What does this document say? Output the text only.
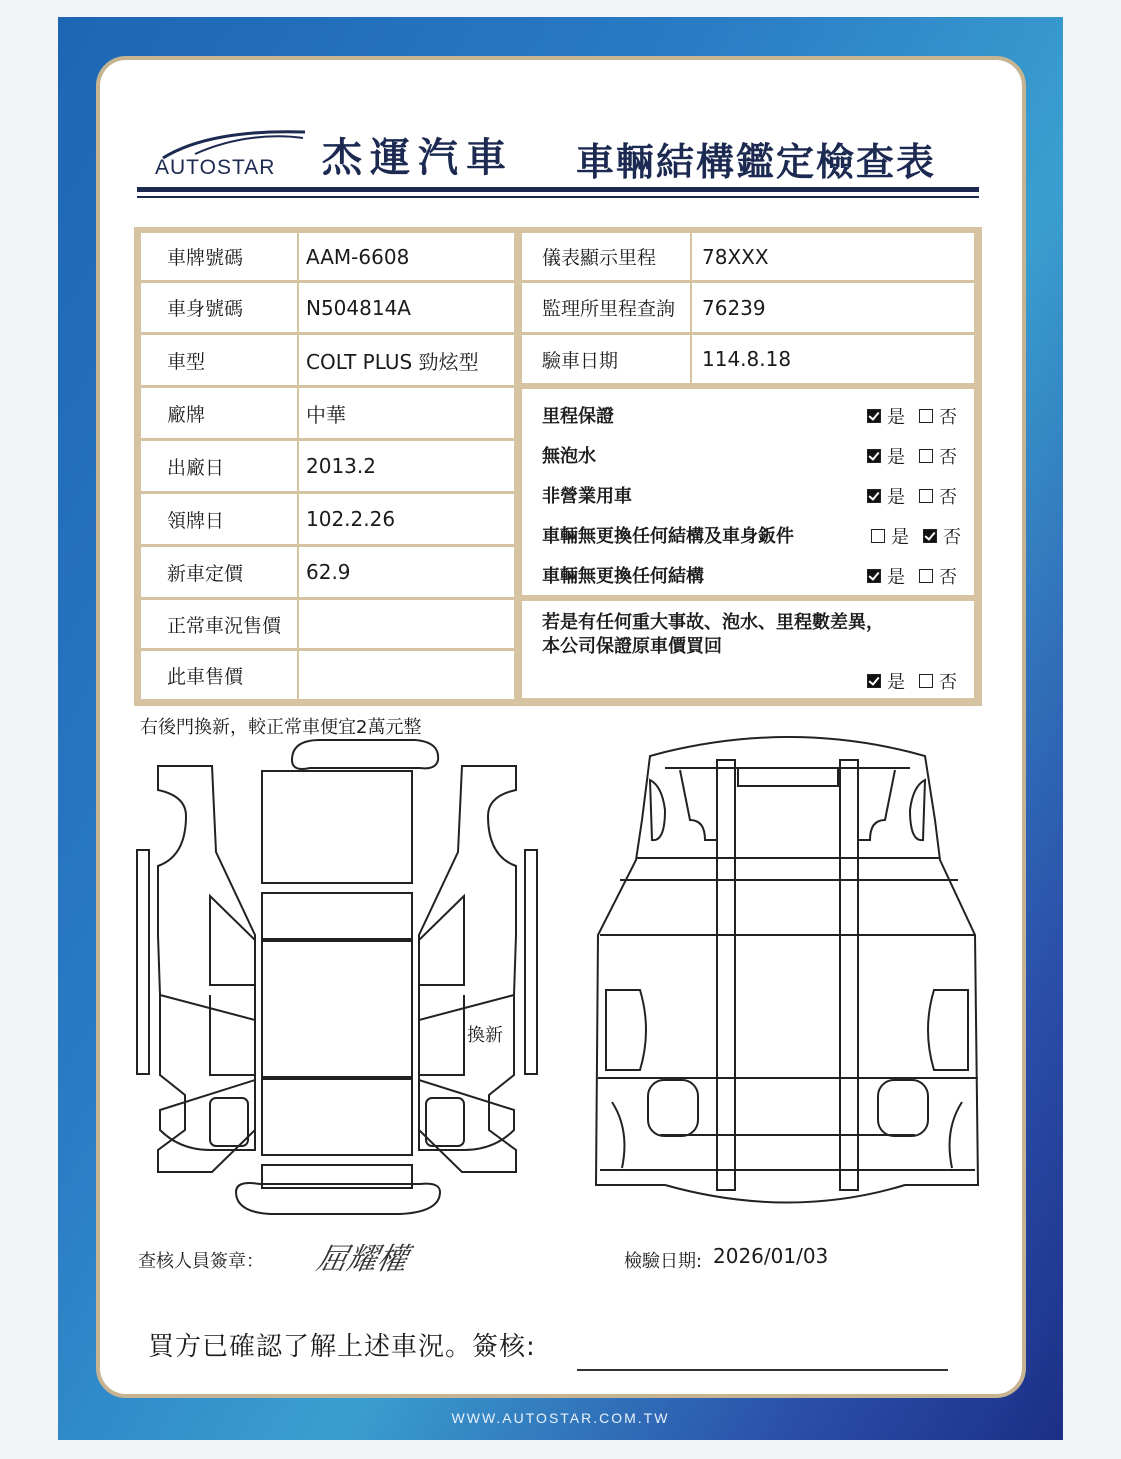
WWW.AUTOSTAR.COM.TW
AUTOSTAR 杰運汽車 車輛結構鑑定檢查表
車牌號碼	AAM-6608
車身號碼	N504814A
車型	COLT PLUS 勁炫型
廠牌	中華
出廠日	2013.2
領牌日	102.2.26
新車定價	62.9
正常車況售價
此車售價
儀表顯示里程	78XXX
監理所里程查詢	76239
驗車日期	114.8.18
里程保證	是 否
無泡水	是 否
非營業用車	是 否
車輛無更換任何結構及車身鈑件	是 否
車輛無更換任何結構	是 否
若是有任何重大事故、泡水、里程數差異，
本公司保證原車價買回
是 否
右後門換新，較正常車便宜2萬元整
換新
查核人員簽章： 屈耀權	檢驗日期: 2026/01/03
買方已確認了解上述車況。簽核:
